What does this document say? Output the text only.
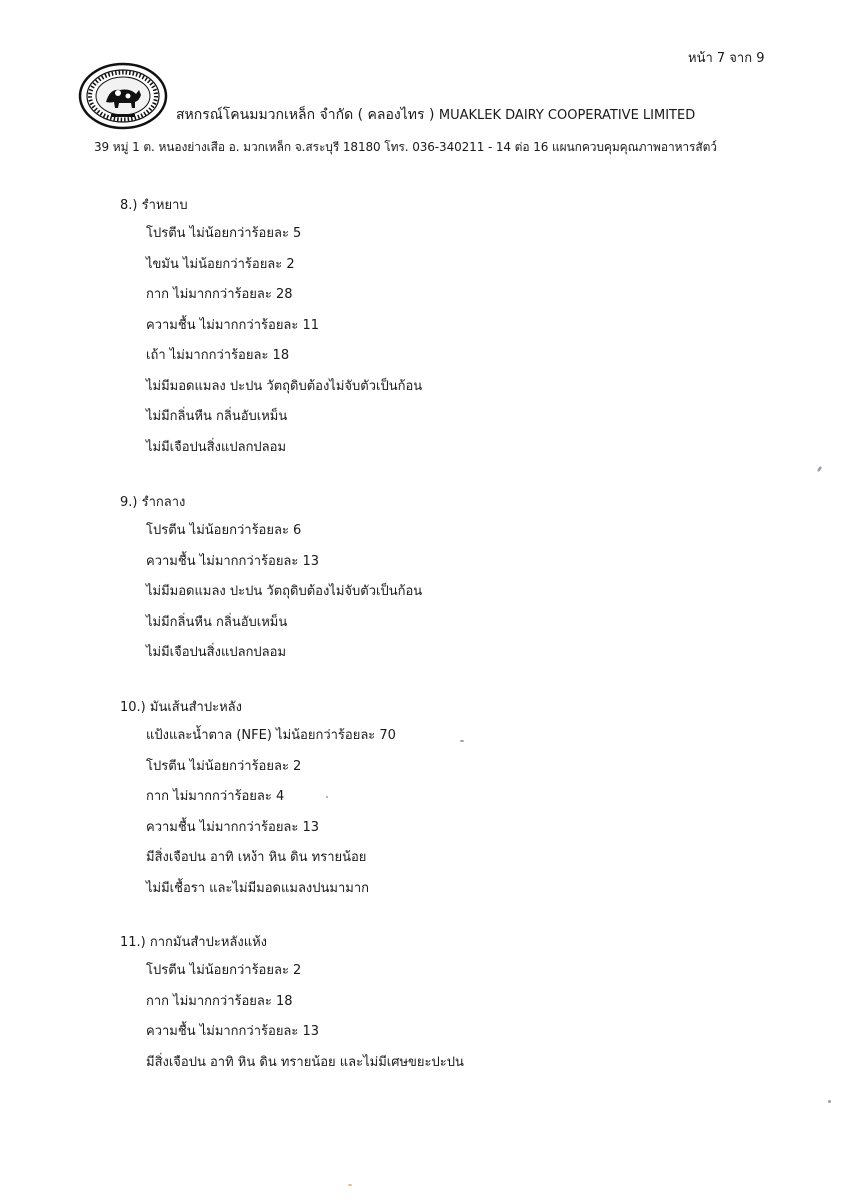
หน้า 7 จาก 9
สหกรณ์โคนมมวกเหล็ก จำกัด ( คลองไทร ) MUAKLEK DAIRY COOPERATIVE LIMITED
39 หมู่ 1 ต. หนองย่างเสือ อ. มวกเหล็ก จ.สระบุรี 18180 โทร. 036-340211 - 14 ต่อ 16 แผนกควบคุมคุณภาพอาหารสัตว์
8.) รำหยาบ
โปรตีน ไม่น้อยกว่าร้อยละ 5
ไขมัน ไม่น้อยกว่าร้อยละ 2
กาก ไม่มากกว่าร้อยละ 28
ความชื้น ไม่มากกว่าร้อยละ 11
เถ้า ไม่มากกว่าร้อยละ 18
ไม่มีมอดแมลง ปะปน วัตถุดิบต้องไม่จับตัวเป็นก้อน
ไม่มีกลิ่นหืน กลิ่นอับเหม็น
ไม่มีเจือปนสิ่งแปลกปลอม
9.) รำกลาง
โปรตีน ไม่น้อยกว่าร้อยละ 6
ความชื้น ไม่มากกว่าร้อยละ 13
ไม่มีมอดแมลง ปะปน วัตถุดิบต้องไม่จับตัวเป็นก้อน
ไม่มีกลิ่นหืน กลิ่นอับเหม็น
ไม่มีเจือปนสิ่งแปลกปลอม
10.) มันเส้นสำปะหลัง
แป้งและน้ำตาล (NFE) ไม่น้อยกว่าร้อยละ 70
โปรตีน ไม่น้อยกว่าร้อยละ 2
กาก ไม่มากกว่าร้อยละ 4
ความชื้น ไม่มากกว่าร้อยละ 13
มีสิ่งเจือปน อาทิ เหง้า หิน ดิน ทรายน้อย
ไม่มีเชื้อรา และไม่มีมอดแมลงปนมามาก
11.) กากมันสำปะหลังแห้ง
โปรตีน ไม่น้อยกว่าร้อยละ 2
กาก ไม่มากกว่าร้อยละ 18
ความชื้น ไม่มากกว่าร้อยละ 13
มีสิ่งเจือปน อาทิ หิน ดิน ทรายน้อย และไม่มีเศษขยะปะปน
